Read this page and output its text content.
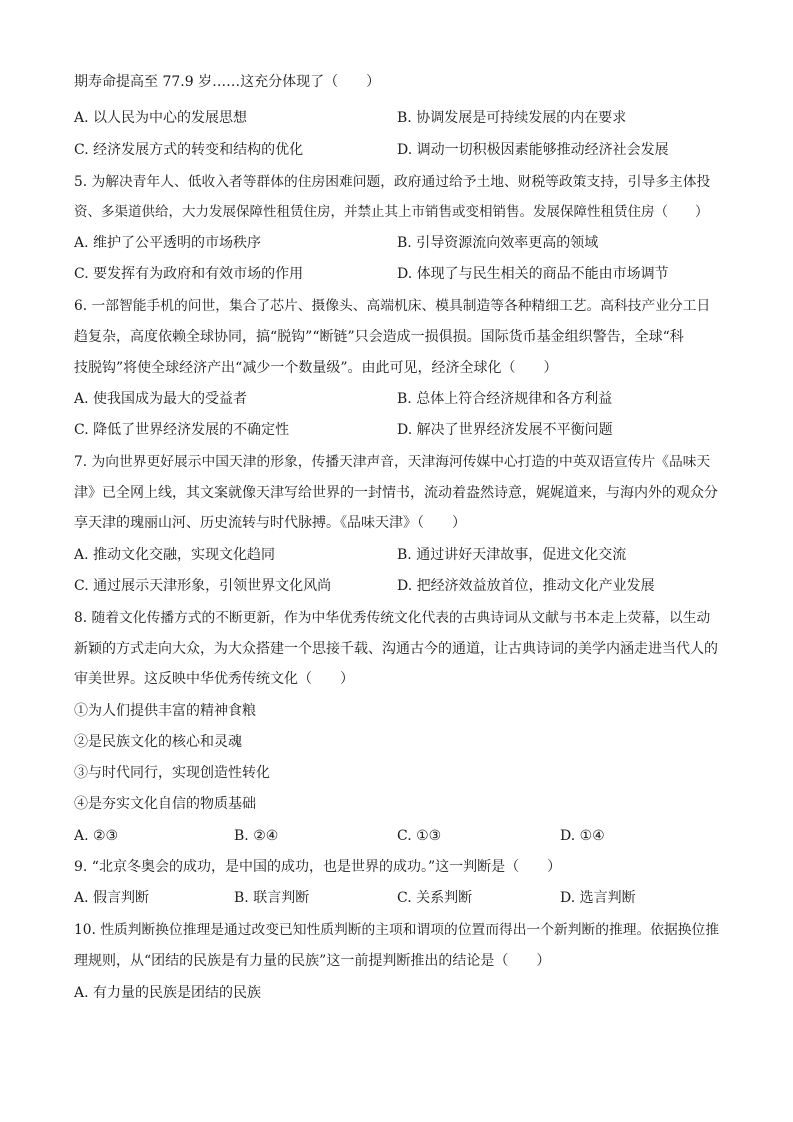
期寿命提高至 77.9 岁……这充分体现了（　　）
A. 以人民为中心的发展思想	B. 协调发展是可持续发展的内在要求
C. 经济发展方式的转变和结构的优化	D. 调动一切积极因素能够推动经济社会发展
5. 为解决青年人、低收入者等群体的住房困难问题，政府通过给予土地、财税等政策支持，引导多主体投
资、多渠道供给，大力发展保障性租赁住房，并禁止其上市销售或变相销售。发展保障性租赁住房（　　）
A. 维护了公平透明的市场秩序	B. 引导资源流向效率更高的领域
C. 要发挥有为政府和有效市场的作用	D. 体现了与民生相关的商品不能由市场调节
6. 一部智能手机的问世，集合了芯片、摄像头、高端机床、模具制造等各种精细工艺。高科技产业分工日
趋复杂，高度依赖全球协同，搞“脱钩”“断链”只会造成一损俱损。国际货币基金组织警告，全球“科
技脱钩”将使全球经济产出“减少一个数量级”。由此可见，经济全球化（　　）
A. 使我国成为最大的受益者	B. 总体上符合经济规律和各方利益
C. 降低了世界经济发展的不确定性	D. 解决了世界经济发展不平衡问题
7. 为向世界更好展示中国天津的形象，传播天津声音，天津海河传媒中心打造的中英双语宣传片《品味天
津》已全网上线，其文案就像天津写给世界的一封情书，流动着盎然诗意，娓娓道来，与海内外的观众分
享天津的瑰丽山河、历史流转与时代脉搏。《品味天津》（　　）
A. 推动文化交融，实现文化趋同	B. 通过讲好天津故事，促进文化交流
C. 通过展示天津形象，引领世界文化风尚	D. 把经济效益放首位，推动文化产业发展
8. 随着文化传播方式的不断更新，作为中华优秀传统文化代表的古典诗词从文献与书本走上荧幕，以生动
新颖的方式走向大众，为大众搭建一个思接千载、沟通古今的通道，让古典诗词的美学内涵走进当代人的
审美世界。这反映中华优秀传统文化（　　）
①为人们提供丰富的精神食粮
②是民族文化的核心和灵魂
③与时代同行，实现创造性转化
④是夯实文化自信的物质基础
A. ②③	B. ②④	C. ①③	D. ①④
9. “北京冬奥会的成功，是中国的成功，也是世界的成功。”这一判断是（　　）
A. 假言判断	B. 联言判断	C. 关系判断	D. 选言判断
10. 性质判断换位推理是通过改变已知性质判断的主项和谓项的位置而得出一个新判断的推理。依据换位推
理规则，从“团结的民族是有力量的民族”这一前提判断推出的结论是（　　）
A. 有力量的民族是团结的民族
